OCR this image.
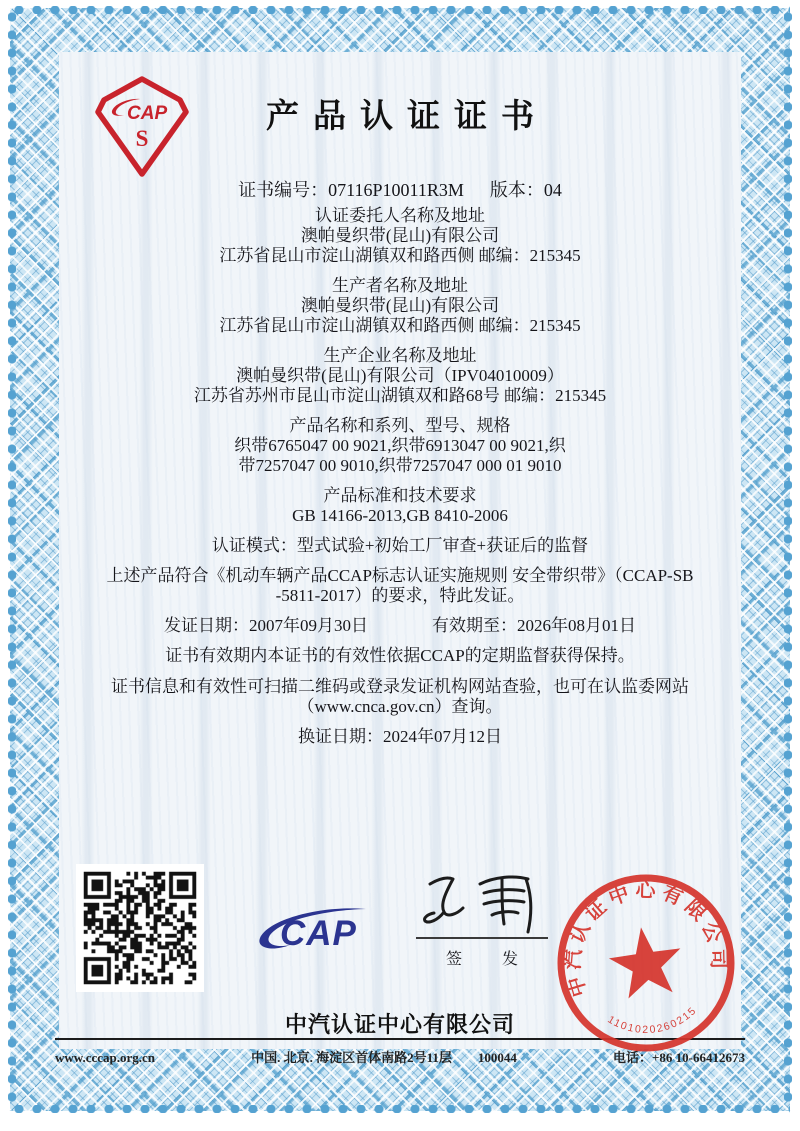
CAP
S
产品认证证书
证书编号：07116P10011R3M 版本：04

认证委托人名称及地址
澳帕曼织带(昆山)有限公司
江苏省昆山市淀山湖镇双和路西侧 邮编：215345

生产者名称及地址
澳帕曼织带(昆山)有限公司
江苏省昆山市淀山湖镇双和路西侧 邮编：215345

生产企业名称及地址
澳帕曼织带(昆山)有限公司（IPV04010009）
江苏省苏州市昆山市淀山湖镇双和路68号 邮编：215345

产品名称和系列、型号、规格
织带6765047 00 9021,织带6913047 00 9021,织
带7257047 00 9010,织带7257047 000 01 9010

产品标准和技术要求
GB 14166-2013,GB 8410-2006

认证模式：型式试验+初始工厂审查+获证后的监督

上述产品符合《机动车辆产品CCAP标志认证实施规则 安全带织带》（CCAP-SB
-5811-2017）的要求，特此发证。

发证日期：2007年09月30日	有效期至：2026年08月01日

证书有效期内本证书的有效性依据CCAP的定期监督获得保持。

证书信息和有效性可扫描二维码或登录发证机构网站查验，也可在认监委网站
（www.cnca.gov.cn）查询。

换证日期：2024年07月12日

CAP
签 发
中汽认证中心有限公司
1101020260215
中汽认证中心有限公司
www.cccap.org.cn	中国. 北京. 海淀区首体南路2号11层 100044	电话：+86 10-66412673
